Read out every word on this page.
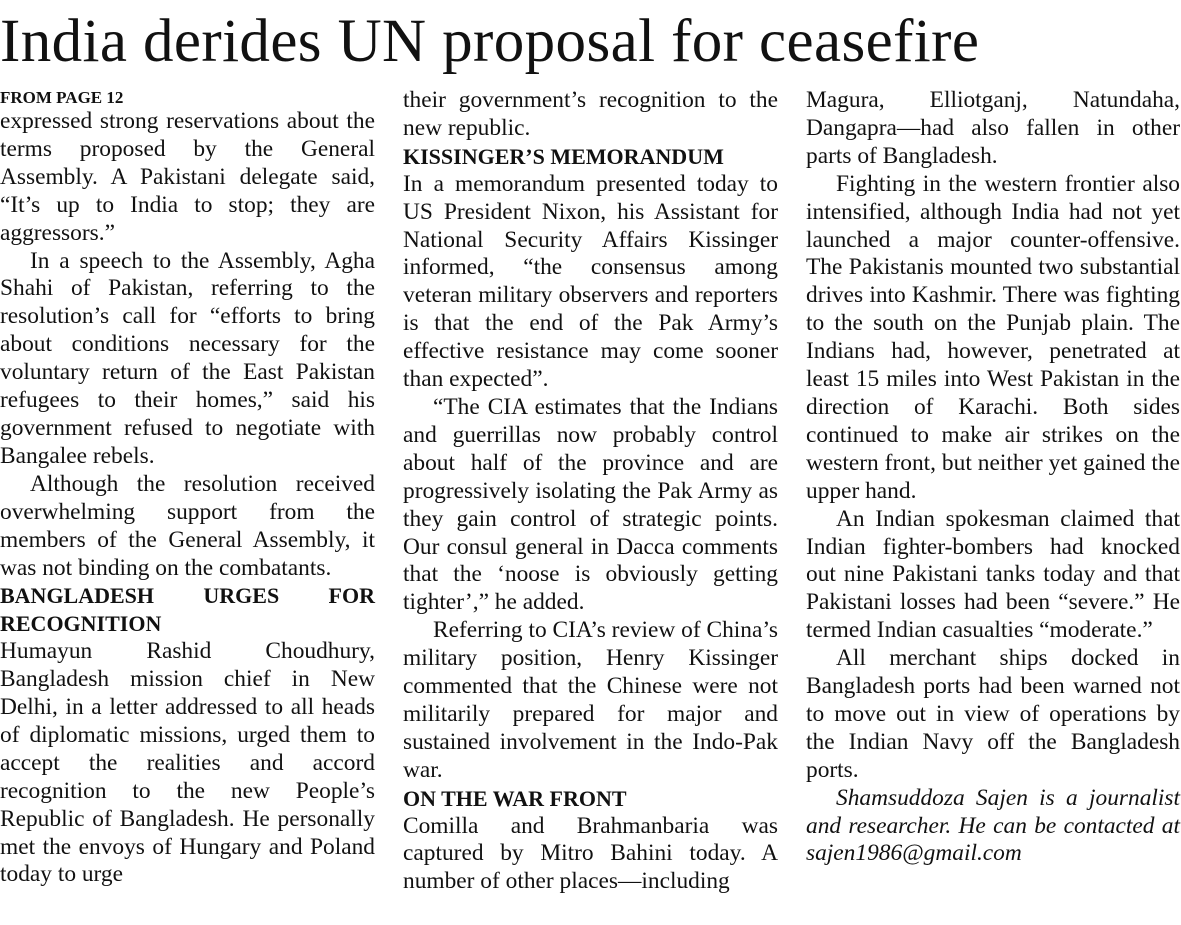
India derides UN proposal for ceasefire

FROM PAGE 12

expressed strong reservations about the terms proposed by the General Assembly. A Pakistani delegate said, “It’s up to India to stop; they are aggressors.”

In a speech to the Assembly, Agha Shahi of Pakistan, referring to the resolution’s call for “efforts to bring about conditions necessary for the voluntary return of the East Pakistan refugees to their homes,” said his government refused to negotiate with Bangalee rebels.

Although the resolution received overwhelming support from the members of the General Assembly, it was not binding on the combatants.

BANGLADESH URGES FOR RECOGNITION

Humayun Rashid Choudhury, Bangladesh mission chief in New Delhi, in a letter addressed to all heads of diplomatic missions, urged them to accept the realities and accord recognition to the new People’s Republic of Bangladesh. He personally met the envoys of Hungary and Poland today to urge

their government’s recognition to the new republic.

KISSINGER’S MEMORANDUM

In a memorandum presented today to US President Nixon, his Assistant for National Security Affairs Kissinger informed, “the consensus among veteran military observers and reporters is that the end of the Pak Army’s effective resistance may come sooner than expected”.

“The CIA estimates that the Indians and guerrillas now probably control about half of the province and are progressively isolating the Pak Army as they gain control of strategic points. Our consul general in Dacca comments that the ‘noose is obviously getting tighter’,” he added.

Referring to CIA’s review of China’s military position, Henry Kissinger commented that the Chinese were not militarily prepared for major and sustained involvement in the Indo-Pak war.

ON THE WAR FRONT

Comilla and Brahmanbaria was captured by Mitro Bahini today. A number of other places—including

Magura, Elliotganj, Natundaha, Dangapra—had also fallen in other parts of Bangladesh.

Fighting in the western frontier also intensified, although India had not yet launched a major counter-offensive. The Pakistanis mounted two substantial drives into Kashmir. There was fighting to the south on the Punjab plain. The Indians had, however, penetrated at least 15 miles into West Pakistan in the direction of Karachi. Both sides continued to make air strikes on the western front, but neither yet gained the upper hand.

An Indian spokesman claimed that Indian fighter-bombers had knocked out nine Pakistani tanks today and that Pakistani losses had been “severe.” He termed Indian casualties “moderate.”

All merchant ships docked in Bangladesh ports had been warned not to move out in view of operations by the Indian Navy off the Bangladesh ports.

Shamsuddoza Sajen is a journalist and researcher. He can be contacted at sajen1986@gmail.com
